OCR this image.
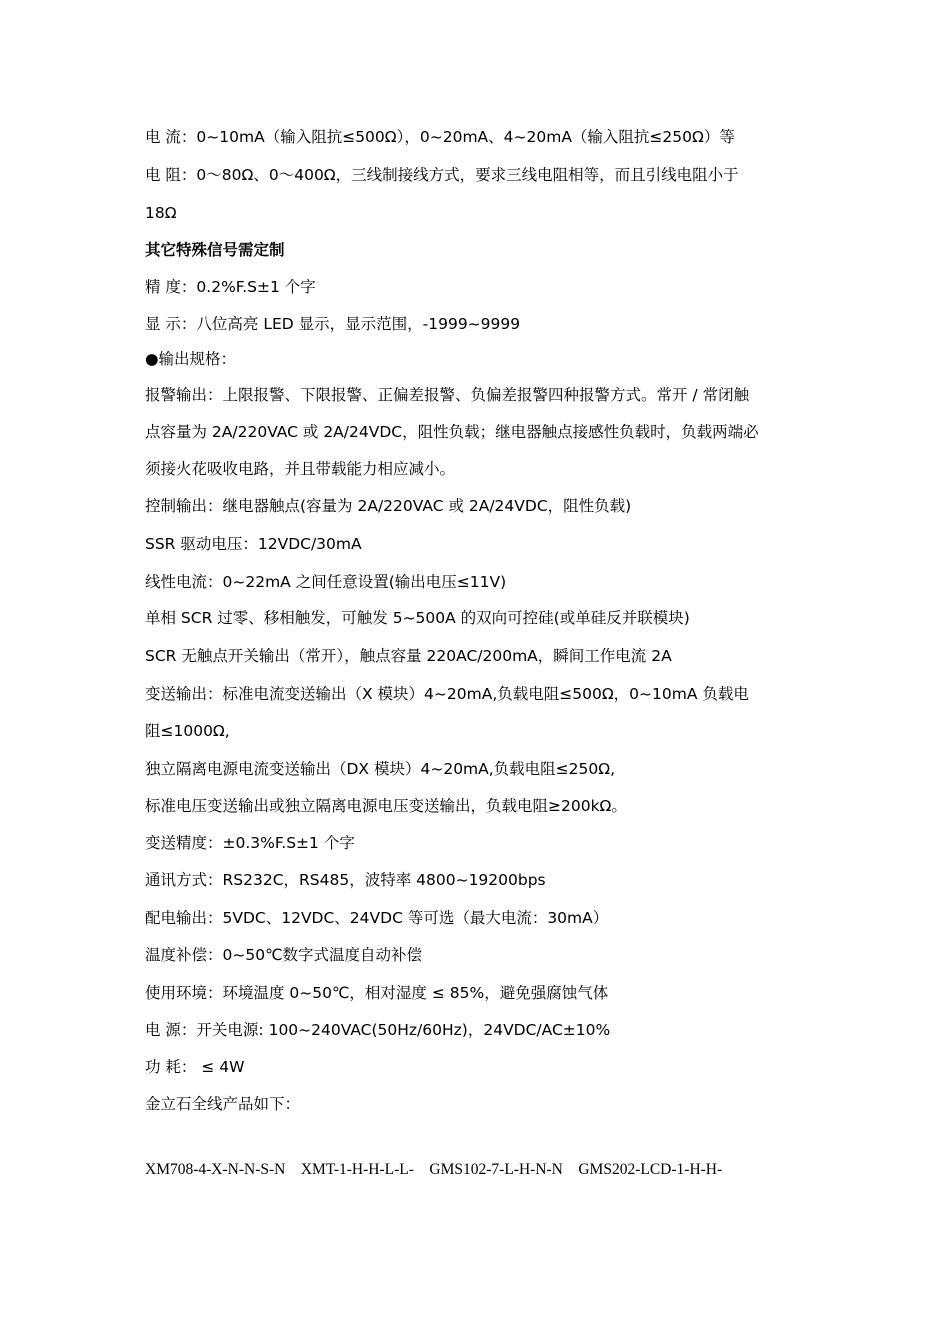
电 流：0~10mA（输入阻抗≤500Ω），0~20mA、4~20mA（输入阻抗≤250Ω）等
电 阻：0～80Ω、0～400Ω，三线制接线方式，要求三线电阻相等，而且引线电阻小于
18Ω
其它特殊信号需定制
精 度：0.2%F.S±1 个字
显 示：八位高亮 LED 显示，显示范围，-1999~9999
●输出规格：
报警输出：上限报警、下限报警、正偏差报警、负偏差报警四种报警方式。常开 / 常闭触
点容量为 2A/220VAC 或 2A/24VDC，阻性负载；继电器触点接感性负载时，负载两端必
须接火花吸收电路，并且带载能力相应减小。
控制输出：继电器触点(容量为 2A/220VAC 或 2A/24VDC，阻性负载)
SSR 驱动电压：12VDC/30mA
线性电流：0~22mA 之间任意设置(输出电压≤11V)
单相 SCR 过零、移相触发，可触发 5~500A 的双向可控硅(或单硅反并联模块)
SCR 无触点开关输出（常开），触点容量 220AC/200mA，瞬间工作电流 2A
变送输出：标准电流变送输出（X 模块）4~20mA,负载电阻≤500Ω，0~10mA 负载电
阻≤1000Ω,
独立隔离电源电流变送输出（DX 模块）4~20mA,负载电阻≤250Ω,
标准电压变送输出或独立隔离电源电压变送输出，负载电阻≥200kΩ。
变送精度：±0.3%F.S±1 个字
通讯方式：RS232C，RS485，波特率 4800~19200bps
配电输出：5VDC、12VDC、24VDC 等可选（最大电流：30mA）
温度补偿：0~50℃数字式温度自动补偿
使用环境：环境温度 0~50℃，相对湿度 ≤ 85%，避免强腐蚀气体
电 源：开关电源: 100~240VAC(50Hz/60Hz)，24VDC/AC±10%
功 耗： ≤ 4W
金立石全线产品如下：
XM708-4-X-N-N-S-N    XMT-1-H-H-L-L-    GMS102-7-L-H-N-N    GMS202-LCD-1-H-H-
